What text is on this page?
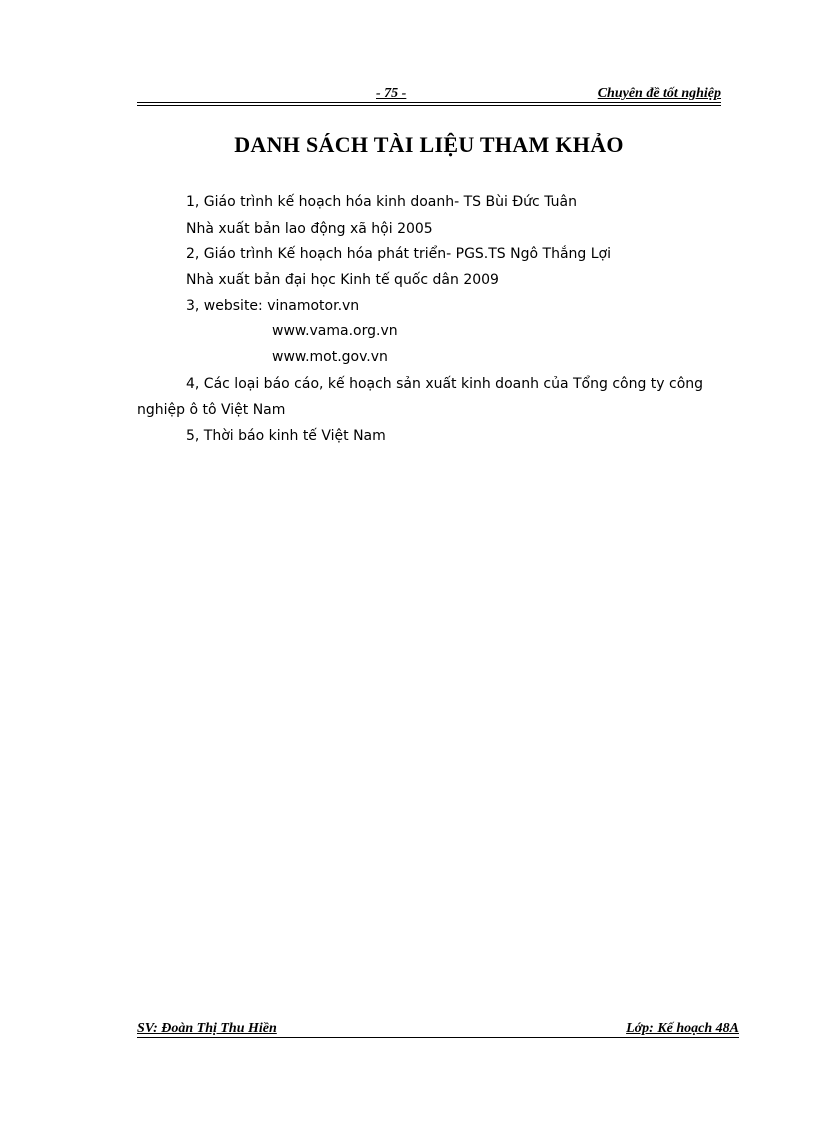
- 75 -	Chuyên đề tốt nghiệp
DANH SÁCH TÀI LIỆU THAM KHẢO
1, Giáo trình kế hoạch hóa kinh doanh- TS Bùi Đức Tuân
Nhà xuất bản lao động xã hội 2005
2, Giáo trình Kế hoạch hóa phát triển- PGS.TS Ngô Thắng Lợi
Nhà xuất bản đại học Kinh tế quốc dân 2009
3, website: vinamotor.vn
www.vama.org.vn
www.mot.gov.vn
4, Các loại báo cáo, kế hoạch sản xuất kinh doanh của Tổng công ty công
nghiệp ô tô Việt Nam
5, Thời báo kinh tế Việt Nam
SV: Đoàn Thị Thu Hiền	Lớp: Kế hoạch 48A
